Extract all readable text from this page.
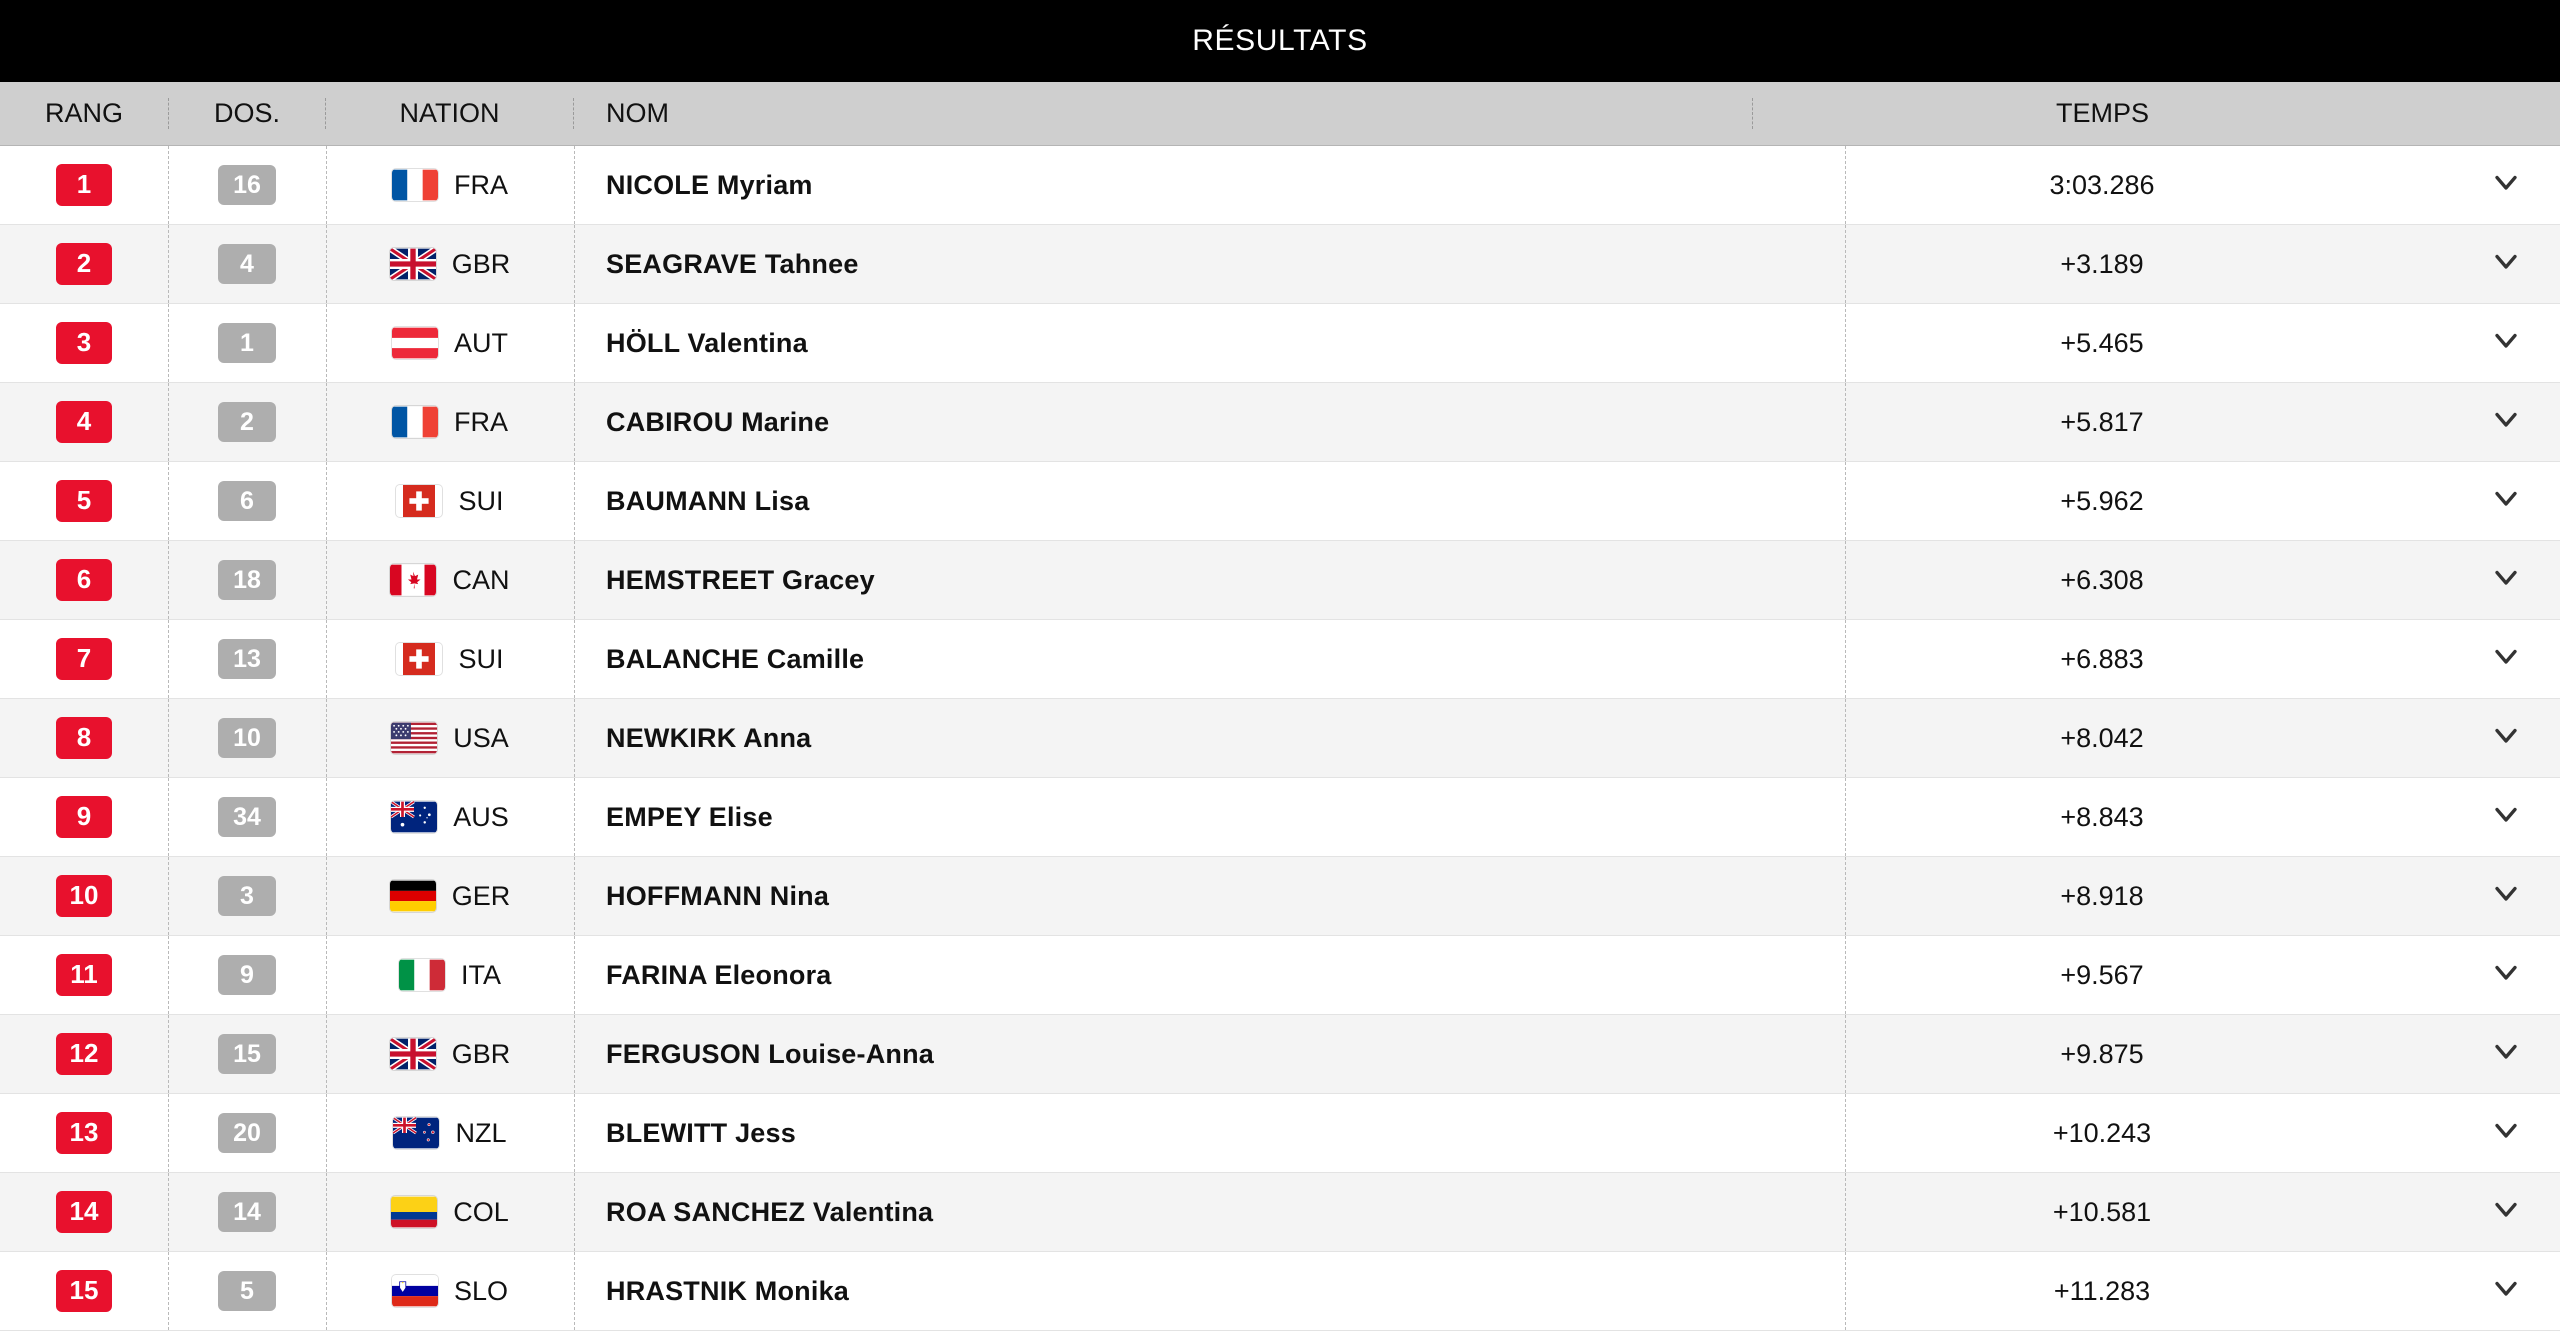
RÉSULTATS
RANG	DOS.	NATION	NOM	TEMPS
1	16	FRA	NICOLE Myriam	3:03.286
2	4	GBR	SEAGRAVE Tahnee	+3.189
3	1	AUT	HÖLL Valentina	+5.465
4	2	FRA	CABIROU Marine	+5.817
5	6	SUI	BAUMANN Lisa	+5.962
6	18	CAN	HEMSTREET Gracey	+6.308
7	13	SUI	BALANCHE Camille	+6.883
8	10	USA	NEWKIRK Anna	+8.042
9	34	AUS	EMPEY Elise	+8.843
10	3	GER	HOFFMANN Nina	+8.918
11	9	ITA	FARINA Eleonora	+9.567
12	15	GBR	FERGUSON Louise-Anna	+9.875
13	20	NZL	BLEWITT Jess	+10.243
14	14	COL	ROA SANCHEZ Valentina	+10.581
15	5	SLO	HRASTNIK Monika	+11.283
